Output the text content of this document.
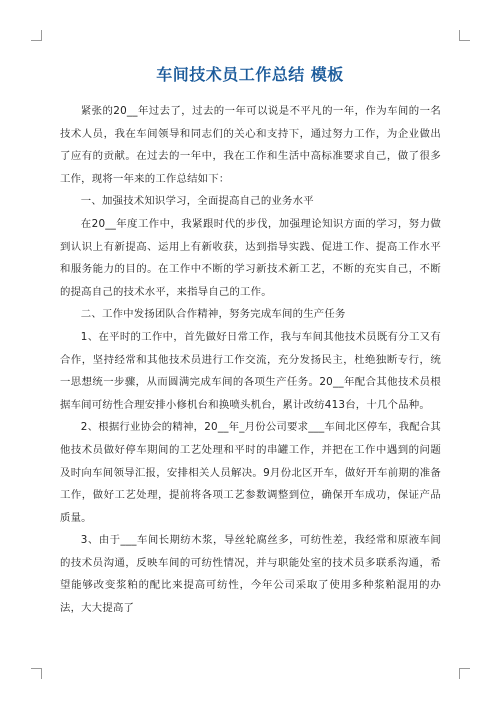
车间技术员工作总结 模板

紧张的20__年过去了，过去的一年可以说是不平凡的一年，作为车间的一名技术人员，我在车间领导和同志们的关心和支持下，通过努力工作，为企业做出了应有的贡献。在过去的一年中，我在工作和生活中高标准要求自己，做了很多工作，现将一年来的工作总结如下：

一、加强技术知识学习，全面提高自己的业务水平

在20__年度工作中，我紧跟时代的步伐，加强理论知识方面的学习，努力做到认识上有新提高、运用上有新收获，达到指导实践、促进工作、提高工作水平和服务能力的目的。在工作中不断的学习新技术新工艺，不断的充实自己，不断的提高自己的技术水平，来指导自己的工作。

二、工作中发扬团队合作精神，努务完成车间的生产任务

1、在平时的工作中，首先做好日常工作，我与车间其他技术员既有分工又有合作，坚持经常和其他技术员进行工作交流，充分发扬民主，杜绝独断专行，统一思想统一步骤，从而圆满完成车间的各项生产任务。20__年配合其他技术员根据车间可纺性合理安排小修机台和换喷头机台，累计改纺413台，十几个品种。

2、根据行业协会的精神，20__年_月份公司要求___车间北区停车，我配合其他技术员做好停车期间的工艺处理和平时的串罐工作，并把在工作中遇到的问题及时向车间领导汇报，安排相关人员解决。9月份北区开车，做好开车前期的准备工作，做好工艺处理，提前将各项工艺参数调整到位，确保开车成功，保证产品质量。

3、由于___车间长期纺木浆，导丝轮腐丝多，可纺性差，我经常和原液车间的技术员沟通，反映车间的可纺性情况，并与职能处室的技术员多联系沟通，希望能够改变浆粕的配比来提高可纺性，今年公司采取了使用多种浆粕混用的办法，大大提高了
